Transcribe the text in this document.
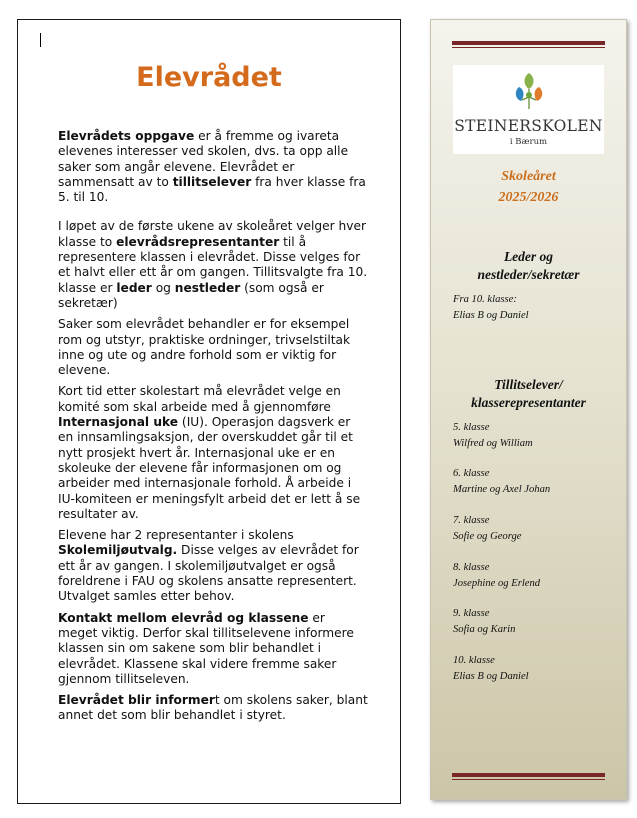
Elevrådet

Elevrådets oppgave er å fremme og ivareta elevenes interesser ved skolen, dvs. ta opp alle saker som angår elevene. Elevrådet er sammensatt av to tillitselever fra hver klasse fra 5. til 10.

I løpet av de første ukene av skoleåret velger hver klasse to elevrådsrepresentanter til å representere klassen i elevrådet. Disse velges for et halvt eller ett år om gangen. Tillitsvalgte fra 10. klasse er leder og nestleder (som også er sekretær)

Saker som elevrådet behandler er for eksempel rom og utstyr, praktiske ordninger, trivselstiltak inne og ute og andre forhold som er viktig for elevene.

Kort tid etter skolestart må elevrådet velge en komité som skal arbeide med å gjennomføre Internasjonal uke (IU). Operasjon dagsverk er en innsamlingsaksjon, der overskuddet går til et nytt prosjekt hvert år. Internasjonal uke er en skoleuke der elevene får informasjonen om og arbeider med internasjonale forhold. Å arbeide i IU-komiteen er meningsfylt arbeid det er lett å se resultater av.

Elevene har 2 representanter i skolens Skolemiljøutvalg. Disse velges av elevrådet for ett år av gangen. I skolemiljøutvalget er også foreldrene i FAU og skolens ansatte representert. Utvalget samles etter behov.

Kontakt mellom elevråd og klassene er meget viktig. Derfor skal tillitselevene informere klassen sin om sakene som blir behandlet i elevrådet. Klassene skal videre fremme saker gjennom tillitseleven.

Elevrådet blir informert om skolens saker, blant annet det som blir behandlet i styret.

STEINERSKOLEN
i Bærum
Skoleåret
2025/2026
Leder og
nestleder/sekretær
Fra 10. klasse:
Elias B og Daniel
Tillitselever/
klasserepresentanter
5. klasse
Wilfred og William
6. klasse
Martine og Axel Johan
7. klasse
Sofie og George
8. klasse
Josephine og Erlend
9. klasse
Sofia og Karin
10. klasse
Elias B og Daniel
